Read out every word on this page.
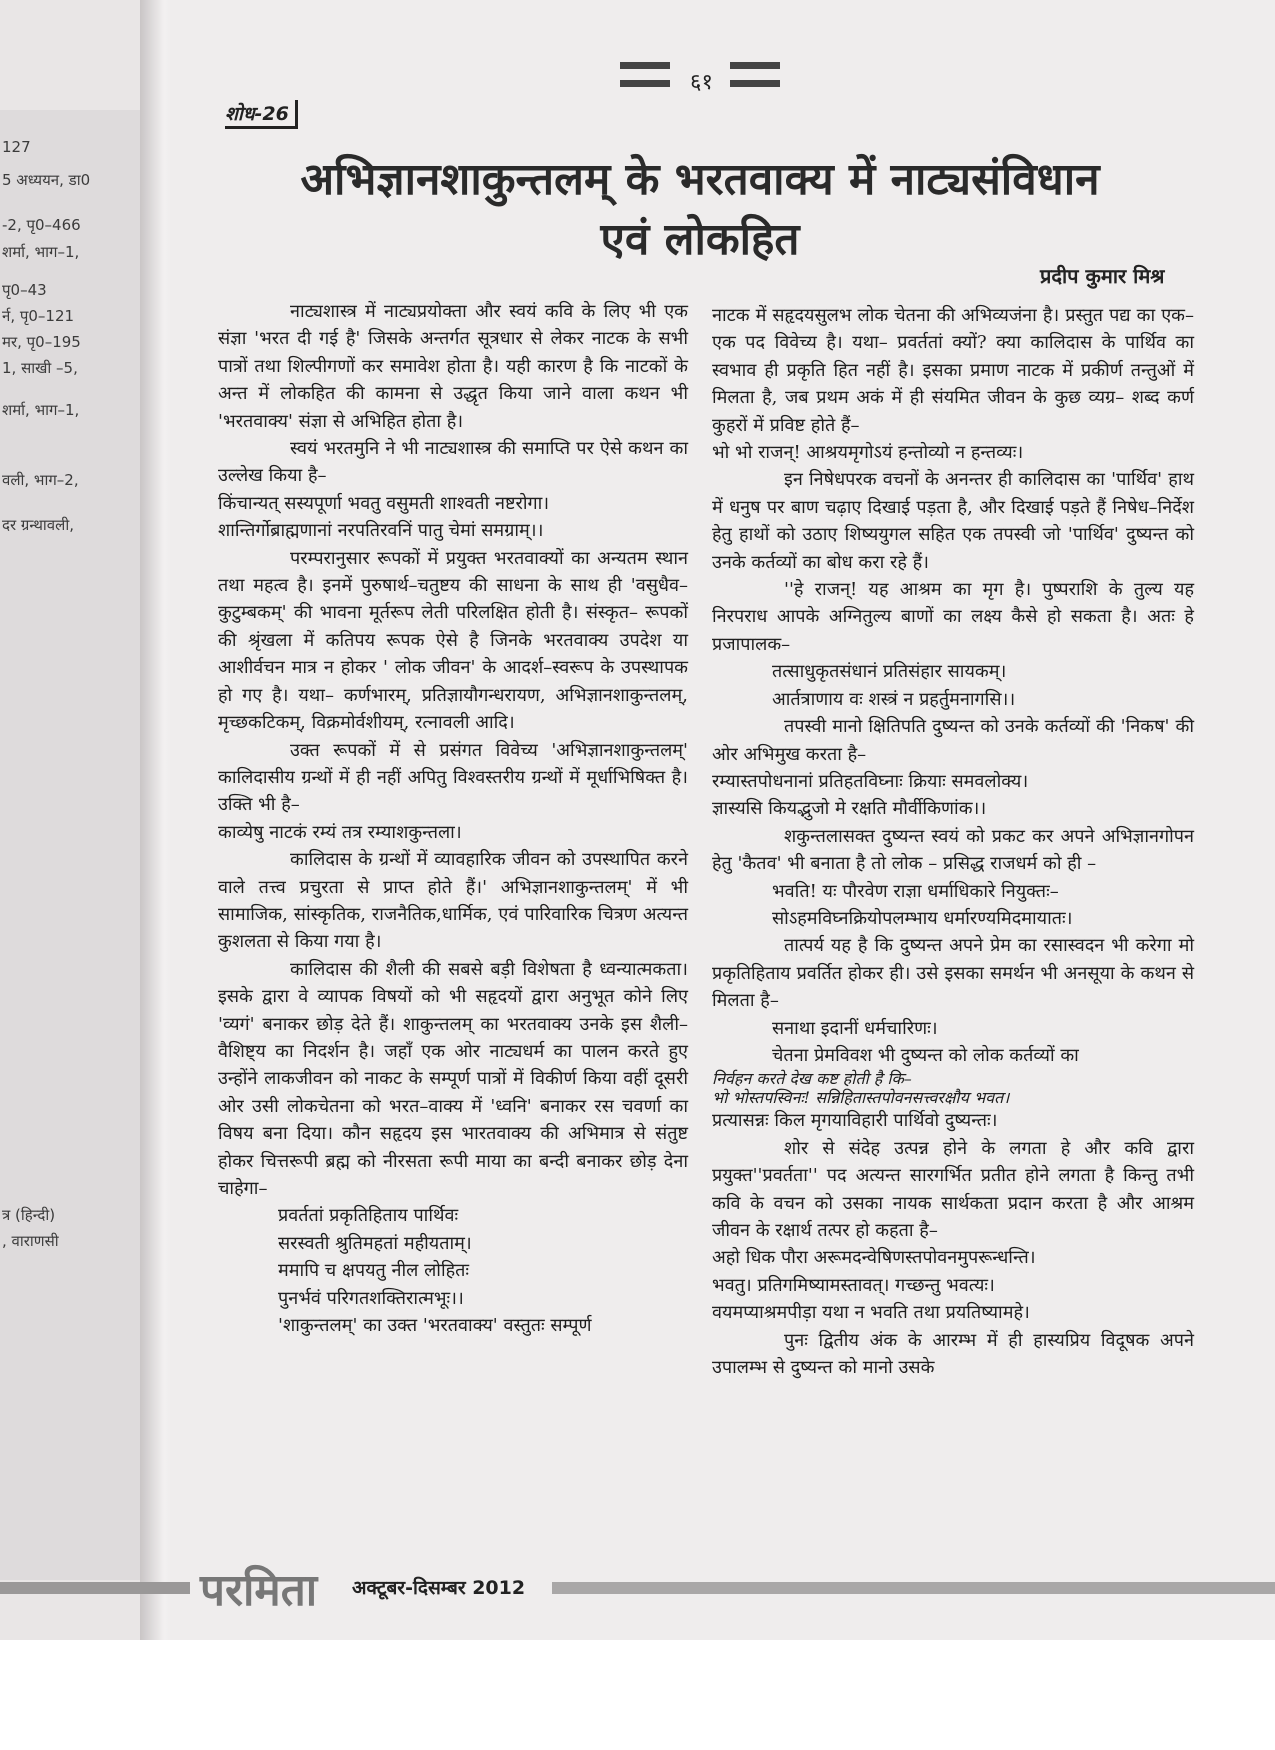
127
5 अध्ययन, डा0
-2, पृ0–466
शर्मा, भाग–1,
पृ0–43
र्न, पृ0–121
मर, पृ0–195
1, साखी –5,
शर्मा, भाग–1,
वली, भाग–2,
दर ग्रन्थावली,
त्र (हिन्दी)
, वाराणसी
६१
शोध-26
अभिज्ञानशाकुन्तलम् के भरतवाक्य में नाट्यसंविधान
एवं लोकहित
प्रदीप कुमार मिश्र

नाट्यशास्त्र में नाट्यप्रयोक्ता और स्वयं कवि के लिए भी एक संज्ञा 'भरत दी गई है' जिसके अन्तर्गत सूत्रधार से लेकर नाटक के सभी पात्रों तथा शिल्पीगणों कर समावेश होता है। यही कारण है कि नाटकों के अन्त में लोकहित की कामना से उद्धृत किया जाने वाला कथन भी 'भरतवाक्य' संज्ञा से अभिहित होता है।

स्वयं भरतमुनि ने भी नाट्यशास्त्र की समाप्ति पर ऐसे कथन का उल्लेख किया है–

किंचान्यत् सस्यपूर्णा भवतु वसुमती शाश्वती नष्टरोगा।

शान्तिर्गोब्राह्मणानां नरपतिरवनिं पातु चेमां समग्राम्।।

परम्परानुसार रूपकों में प्रयुक्त भरतवाक्यों का अन्यतम स्थान तथा महत्व है। इनमें पुरुषार्थ–चतुष्टय की साधना के साथ ही 'वसुधैव–कुटुम्बकम्' की भावना मूर्तरूप लेती परिलक्षित होती है। संस्कृत– रूपकों की श्रृंखला में कतिपय रूपक ऐसे है जिनके भरतवाक्य उपदेश या आशीर्वचन मात्र न होकर ' लोक जीवन' के आदर्श–स्वरूप के उपस्थापक हो गए है। यथा– कर्णभारम्, प्रतिज्ञायौगन्धरायण, अभिज्ञानशाकुन्तलम्, मृच्छकटिकम्, विक्रमोर्वशीयम्, रत्नावली आदि।

उक्त रूपकों में से प्रसंगत विवेच्य 'अभिज्ञानशाकुन्तलम्' कालिदासीय ग्रन्थों में ही नहीं अपितु विश्वस्तरीय ग्रन्थों में मूर्धाभिषिक्त है। उक्ति भी है–

काव्येषु नाटकं रम्यं तत्र रम्याशकुन्तला।

कालिदास के ग्रन्थों में व्यावहारिक जीवन को उपस्थापित करने वाले तत्त्व प्रचुरता से प्राप्त होते हैं।' अभिज्ञानशाकुन्तलम्' में भी सामाजिक, सांस्कृतिक, राजनैतिक,धार्मिक, एवं पारिवारिक चित्रण अत्यन्त कुशलता से किया गया है।

कालिदास की शैली की सबसे बड़ी विशेषता है ध्वन्यात्मकता। इसके द्वारा वे व्यापक विषयों को भी सहृदयों द्वारा अनुभूत कोने लिए 'व्यगं' बनाकर छोड़ देते हैं। शाकुन्तलम् का भरतवाक्य उनके इस शैली–वैशिष्ट्य का निदर्शन है। जहाँ एक ओर नाट्यधर्म का पालन करते हुए उन्होंने लाकजीवन को नाकट के सम्पूर्ण पात्रों में विकीर्ण किया वहीं दूसरी ओर उसी लोकचेतना को भरत–वाक्य में 'ध्वनि' बनाकर रस चवर्णा का विषय बना दिया। कौन सहृदय इस भारतवाक्य की अभिमात्र से संतुष्ट होकर चित्तरूपी ब्रह्म को नीरसता रूपी माया का बन्दी बनाकर छोड़ देना चाहेगा–

प्रवर्ततां प्रकृतिहिताय पार्थिवः

सरस्वती श्रुतिमहतां महीयताम्।

ममापि च क्षपयतु नील लोहितः

पुनर्भवं परिगतशक्तिरात्मभूः।।

'शाकुन्तलम्' का उक्त 'भरतवाक्य' वस्तुतः सम्पूर्ण

नाटक में सहृदयसुलभ लोक चेतना की अभिव्यजंना है। प्रस्तुत पद्य का एक– एक पद विवेच्य है। यथा– प्रवर्ततां क्यों? क्या कालिदास के पार्थिव का स्वभाव ही प्रकृति हित नहीं है। इसका प्रमाण नाटक में प्रकीर्ण तन्तुओं में मिलता है, जब प्रथम अकं में ही संयमित जीवन के कुछ व्यग्र– शब्द कर्ण कुहरों में प्रविष्ट होते हैं–

भो भो राजन्! आश्रयमृगोऽयं हन्तोव्यो न हन्तव्यः।

इन निषेधपरक वचनों के अनन्तर ही कालिदास का 'पार्थिव' हाथ में धनुष पर बाण चढ़ाए दिखाई पड़ता है, और दिखाई पड़ते हैं निषेध–निर्देश हेतु हाथों को उठाए शिष्ययुगल सहित एक तपस्वी जो 'पार्थिव' दुष्यन्त को उनके कर्तव्यों का बोध करा रहे हैं।

''हे राजन्! यह आश्रम का मृग है। पुष्पराशि के तुल्य यह निरपराध आपके अग्नितुल्य बाणों का लक्ष्य कैसे हो सकता है। अतः हे प्रजापालक–

तत्साधुकृतसंधानं प्रतिसंहार सायकम्।

आर्तत्राणाय वः शस्त्रं न प्रहर्तुमनागसि।।

तपस्वी मानो क्षितिपति दुष्यन्त को उनके कर्तव्यों की 'निकष' की ओर अभिमुख करता है–

रम्यास्तपोधनानां प्रतिहतविघ्नाः क्रियाः समवलोक्य।

ज्ञास्यसि कियद्भुजो मे रक्षति मौर्वीकिणांक।।

शकुन्तलासक्त दुष्यन्त स्वयं को प्रकट कर अपने अभिज्ञानगोपन हेतु 'कैतव' भी बनाता है तो लोक – प्रसिद्ध राजधर्म को ही –

भवति! यः पौरवेण राज्ञा धर्माधिकारे नियुक्तः–

सोऽहमविघ्नक्रियोपलम्भाय धर्मारण्यमिदमायातः।

तात्पर्य यह है कि दुष्यन्त अपने प्रेम का रसास्वदन भी करेगा मो प्रकृतिहिताय प्रवर्तित होकर ही। उसे इसका समर्थन भी अनसूया के कथन से मिलता है–

सनाथा इदानीं धर्मचारिणः।

चेतना प्रेमविवश भी दुष्यन्त को लोक कर्तव्यों का

निर्वहन करते देख कष्ट होती है कि–

भो भोस्तपस्विनः! सन्निहितास्तपोवनसत्त्वरक्षौय भवत।

प्रत्यासन्नः किल मृगयाविहारी पार्थिवो दुष्यन्तः।

शोर से संदेह उत्पन्न होने के लगता हे और कवि द्वारा प्रयुक्त''प्रवर्तता'' पद अत्यन्त सारगर्भित प्रतीत होने लगता है किन्तु तभी कवि के वचन को उसका नायक सार्थकता प्रदान करता है और आश्रम जीवन के रक्षार्थ तत्पर हो कहता है–

अहो धिक पौरा अरूमदन्वेषिणस्तपोवनमुपरून्धन्ति।

भवतु। प्रतिगमिष्यामस्तावत्। गच्छन्तु भवत्यः।

वयमप्याश्रमपीड़ा यथा न भवति तथा प्रयतिष्यामहे।

पुनः द्वितीय अंक के आरम्भ में ही हास्यप्रिय विदूषक अपने उपालम्भ से दुष्यन्त को मानो उसके

परमिता अक्टूबर-दिसम्बर 2012
